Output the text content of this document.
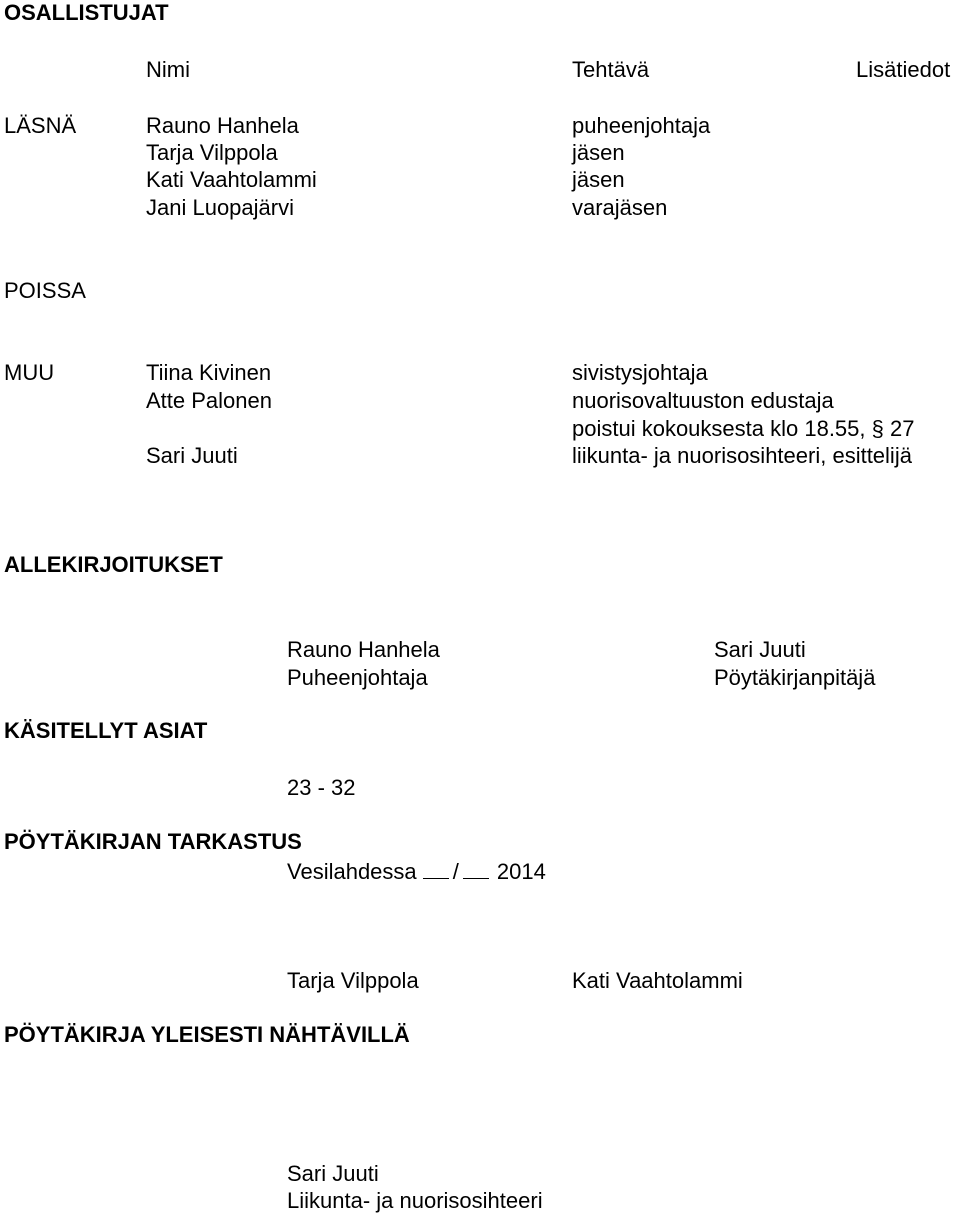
OSALLISTUJAT
Nimi	Tehtävä	Lisätiedot
LÄSNÄ	Rauno Hanhela	puheenjohtaja
Tarja Vilppola	jäsen
Kati Vaahtolammi	jäsen
Jani Luopajärvi	varajäsen
POISSA
MUU	Tiina Kivinen	sivistysjohtaja
Atte Palonen	nuorisovaltuuston edustaja
poistui kokouksesta klo 18.55, § 27
Sari Juuti	liikunta- ja nuorisosihteeri, esittelijä
ALLEKIRJOITUKSET
Rauno Hanhela
Puheenjohtaja
Sari Juuti
Pöytäkirjanpitäjä
KÄSITELLYT ASIAT
23 - 32
PÖYTÄKIRJAN TARKASTUS
Vesilahdessa / 2014
Tarja Vilppola	Kati Vaahtolammi
PÖYTÄKIRJA YLEISESTI NÄHTÄVILLÄ
Sari Juuti
Liikunta- ja nuorisosihteeri
